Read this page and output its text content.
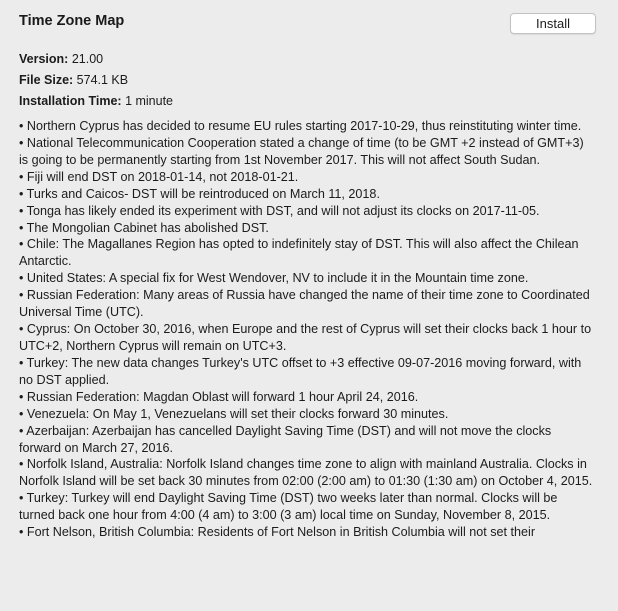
Time Zone Map	Install
Version: 21.00
File Size: 574.1 KB
Installation Time: 1 minute
• Northern Cyprus has decided to resume EU rules starting 2017-10-29, thus reinstituting winter time.
• National Telecommunication Cooperation stated a change of time (to be GMT +2 instead of GMT+3) is going to be permanently starting from 1st November 2017. This will not affect South Sudan.
• Fiji will end DST on 2018-01-14, not 2018-01-21.
• Turks and Caicos- DST will be reintroduced on March 11, 2018.
• Tonga has likely ended its experiment with DST, and will not adjust its clocks on 2017-11-05.
• The Mongolian Cabinet has abolished DST.
• Chile: The Magallanes Region has opted to indefinitely stay of DST. This will also affect the Chilean Antarctic.
• United States: A special fix for West Wendover, NV to include it in the Mountain time zone.
• Russian Federation: Many areas of Russia have changed the name of their time zone to Coordinated Universal Time (UTC).
• Cyprus: On October 30, 2016, when Europe and the rest of Cyprus will set their clocks back 1 hour to UTC+2, Northern Cyprus will remain on UTC+3.
• Turkey: The new data changes Turkey's UTC offset to +3 effective 09-07-2016 moving forward, with no DST applied.
• Russian Federation: Magdan Oblast will forward 1 hour April 24, 2016.
• Venezuela: On May 1, Venezuelans will set their clocks forward 30 minutes.
• Azerbaijan: Azerbaijan has cancelled Daylight Saving Time (DST) and will not move the clocks forward on March 27, 2016.
• Norfolk Island, Australia: Norfolk Island changes time zone to align with mainland Australia. Clocks in Norfolk Island will be set back 30 minutes from 02:00 (2:00 am) to 01:30 (1:30 am) on October 4, 2015.
• Turkey: Turkey will end Daylight Saving Time (DST) two weeks later than normal. Clocks will be turned back one hour from 4:00 (4 am) to 3:00 (3 am) local time on Sunday, November 8, 2015.
• Fort Nelson, British Columbia: Residents of Fort Nelson in British Columbia will not set their
